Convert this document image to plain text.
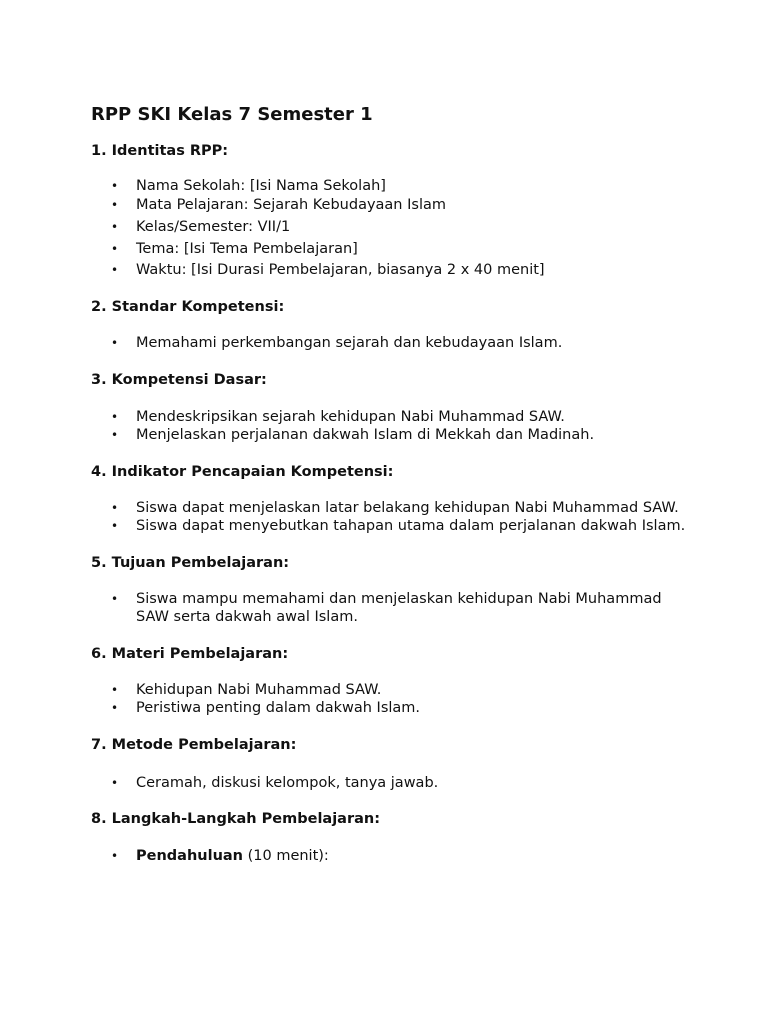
RPP SKI Kelas 7 Semester 1
1. Identitas RPP:
• Nama Sekolah: [Isi Nama Sekolah]
• Mata Pelajaran: Sejarah Kebudayaan Islam
• Kelas/Semester: VII/1
• Tema: [Isi Tema Pembelajaran]
• Waktu: [Isi Durasi Pembelajaran, biasanya 2 x 40 menit]
2. Standar Kompetensi:
• Memahami perkembangan sejarah dan kebudayaan Islam.
3. Kompetensi Dasar:
• Mendeskripsikan sejarah kehidupan Nabi Muhammad SAW.
• Menjelaskan perjalanan dakwah Islam di Mekkah dan Madinah.
4. Indikator Pencapaian Kompetensi:
• Siswa dapat menjelaskan latar belakang kehidupan Nabi Muhammad SAW.
• Siswa dapat menyebutkan tahapan utama dalam perjalanan dakwah Islam.
5. Tujuan Pembelajaran:
• Siswa mampu memahami dan menjelaskan kehidupan Nabi Muhammad SAW serta dakwah awal Islam.
6. Materi Pembelajaran:
• Kehidupan Nabi Muhammad SAW.
• Peristiwa penting dalam dakwah Islam.
7. Metode Pembelajaran:
• Ceramah, diskusi kelompok, tanya jawab.
8. Langkah-Langkah Pembelajaran:
• Pendahuluan (10 menit):
